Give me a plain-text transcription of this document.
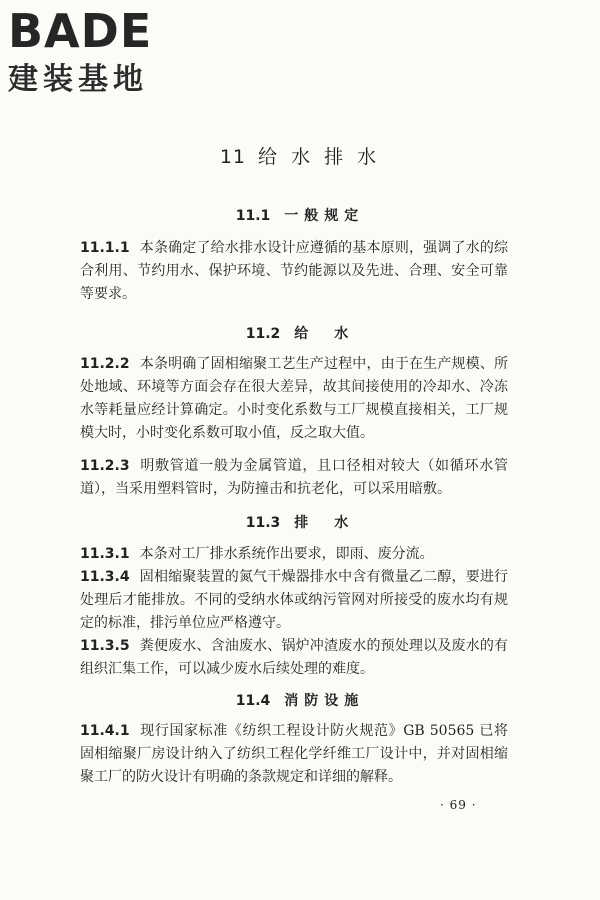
BADE
建装基地
11 给 水 排 水
11.1 一般规定
11.1.1 本条确定了给水排水设计应遵循的基本原则，强调了水的综合利用、节约用水、保护环境、节约能源以及先进、合理、安全可靠等要求。
11.2 给　水
11.2.2 本条明确了固相缩聚工艺生产过程中，由于在生产规模、所处地域、环境等方面会存在很大差异，故其间接使用的冷却水、冷冻水等耗量应经计算确定。小时变化系数与工厂规模直接相关，工厂规模大时，小时变化系数可取小值，反之取大值。
11.2.3 明敷管道一般为金属管道，且口径相对较大（如循环水管道），当采用塑料管时，为防撞击和抗老化，可以采用暗敷。
11.3 排　水
11.3.1 本条对工厂排水系统作出要求，即雨、废分流。
11.3.4 固相缩聚装置的氮气干燥器排水中含有微量乙二醇，要进行处理后才能排放。不同的受纳水体或纳污管网对所接受的废水均有规定的标准，排污单位应严格遵守。
11.3.5 粪便废水、含油废水、锅炉冲渣废水的预处理以及废水的有组织汇集工作，可以减少废水后续处理的难度。
11.4 消防设施
11.4.1 现行国家标准《纺织工程设计防火规范》GB 50565 已将固相缩聚厂房设计纳入了纺织工程化学纤维工厂设计中，并对固相缩聚工厂的防火设计有明确的条款规定和详细的解释。
· 69 ·
